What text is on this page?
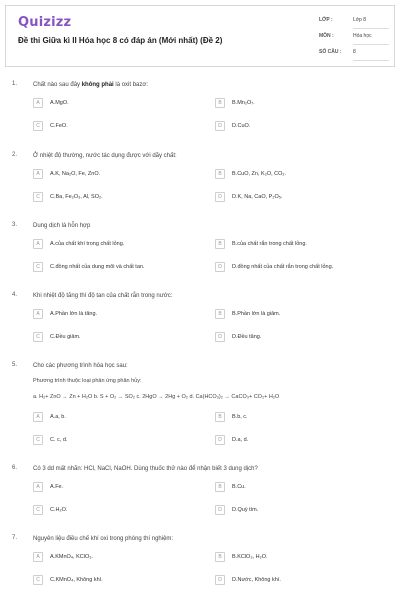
Quizizz
Đề thi Giữa kì II Hóa học 8 có đáp án (Mới nhất) (Đề 2)
LỚP :	Lớp 8
MÔN :	Hóa học
SỐ CÂU : 8
1.	Chất nào sau đây không phải là oxit bazơ:
A	A.MgO.	B	B.Mn₂O₇.
C	C.FeO.	D	D.CuO.
2.	Ở nhiệt độ thường, nước tác dụng được với dãy chất:
A	A.K, Na₂O, Fe, ZnO.	B	B.CuO, Zn, K₂O, CO₂.
C	C.Ba, Fe₂O₃, Al, SO₂.	D	D.K, Na, CaO, P₂O₅.
3.	Dung dịch là hỗn hợp
A	A.của chất khí trong chất lỏng.	B	B.của chất rắn trong chất lỏng.
C	C.đồng nhất của dung môi và chất tan.	D	D.đồng nhất của chất rắn trong chất lỏng.
4.	Khi nhiệt độ tăng thì độ tan của chất rắn trong nước:
A	A.Phần lớn là tăng.	B	B.Phần lớn là giảm.
C	C.Đều giảm.	D	D.Đều tăng.
5.	Cho các phương trình hóa học sau:
Phương trình thuộc loại phản ứng phân hủy:
a. H₂+ ZnO → Zn + H₂O b. S + O₂ → SO₂ c. 2HgO → 2Hg + O₂ d. Ca(HCO₃)₂ → CaCO₃+ CO₂+ H₂O
A	A.a, b.	B	B.b, c.
C	C. c, d.	D	D.a, d.
6.	Có 3 dd mất nhãn: HCl, NaCl, NaOH. Dùng thuốc thử nào để nhận biết 3 dung dịch?
A	A.Fe.	B	B.Cu.
C	C.H₂O.	D	D.Quỳ tím.
7.	Nguyên liệu điều chế khí oxi trong phòng thí nghiệm:
A	A.KMnO₄, KClO₃.	B	B.KClO₃, H₂O.
C	C.KMnO₄, Không khí.	D	D.Nước, Không khí.
